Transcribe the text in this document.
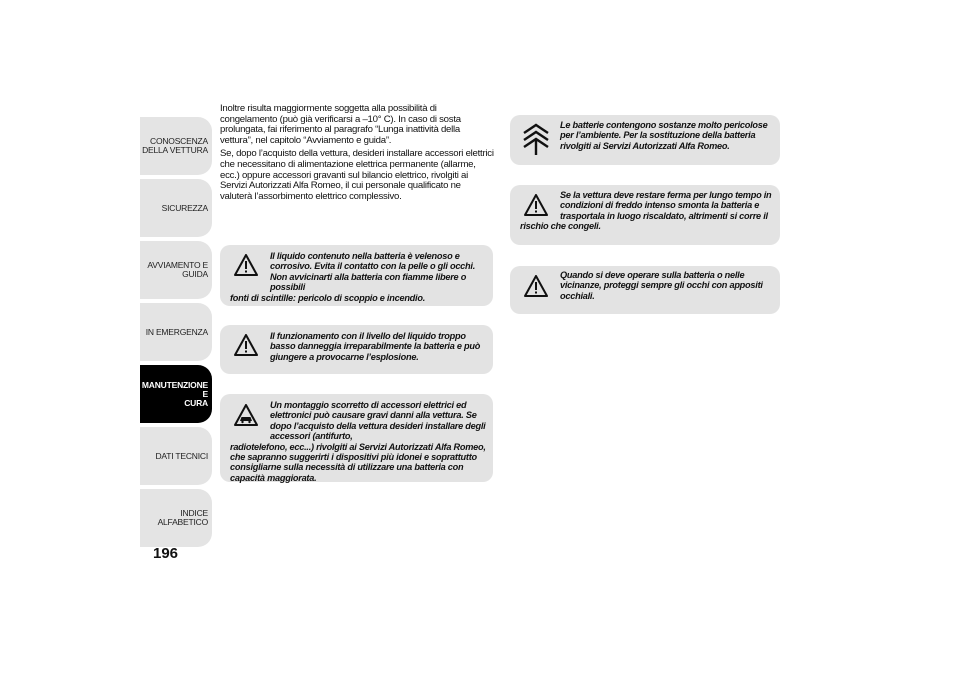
CONOSCENZA
DELLA VETTURA
SICUREZZA
AVVIAMENTO E
GUIDA
IN EMERGENZA
MANUTENZIONE E
CURA
DATI TECNICI
INDICE ALFABETICO
196

Inoltre risulta maggiormente soggetta alla possibilità di congelamento (può già verificarsi a –10° C). In caso di sosta prolungata, fai riferimento al paragrafo “Lunga inattività della vettura”, nel capitolo “Avviamento e guida”.

Se, dopo l’acquisto della vettura, desideri installare accessori elettrici che necessitano di alimentazione elettrica permanente (allarme, ecc.) oppure accessori gravanti sul bilancio elettrico, rivolgiti ai Servizi Autorizzati Alfa Romeo, il cui personale qualificato ne valuterà l’assorbimento elettrico complessivo.

Il liquido contenuto nella batteria è velenoso e corrosivo. Evita il contatto con la pelle o gli occhi. Non avvicinarti alla batteria con fiamme libere o possibili
fonti di scintille: pericolo di scoppio e incendio.
Il funzionamento con il livello del liquido troppo basso danneggia irreparabilmente la batteria e può giungere a provocarne l’esplosione.
Un montaggio scorretto di accessori elettrici ed elettronici può causare gravi danni alla vettura. Se dopo l’acquisto della vettura desideri installare degli accessori (antifurto,
radiotelefono, ecc...) rivolgiti ai Servizi Autorizzati Alfa Romeo, che sapranno suggerirti i dispositivi più idonei e soprattutto consigliarne sulla necessità di utilizzare una batteria con capacità maggiorata.
Le batterie contengono sostanze molto pericolose per l’ambiente. Per la sostituzione della batteria rivolgiti ai Servizi Autorizzati Alfa Romeo.
Se la vettura deve restare ferma per lungo tempo in condizioni di freddo intenso smonta la batteria e trasportala in luogo riscaldato, altrimenti si corre il
rischio che congeli.
Quando si deve operare sulla batteria o nelle vicinanze, proteggi sempre gli occhi con appositi occhiali.
